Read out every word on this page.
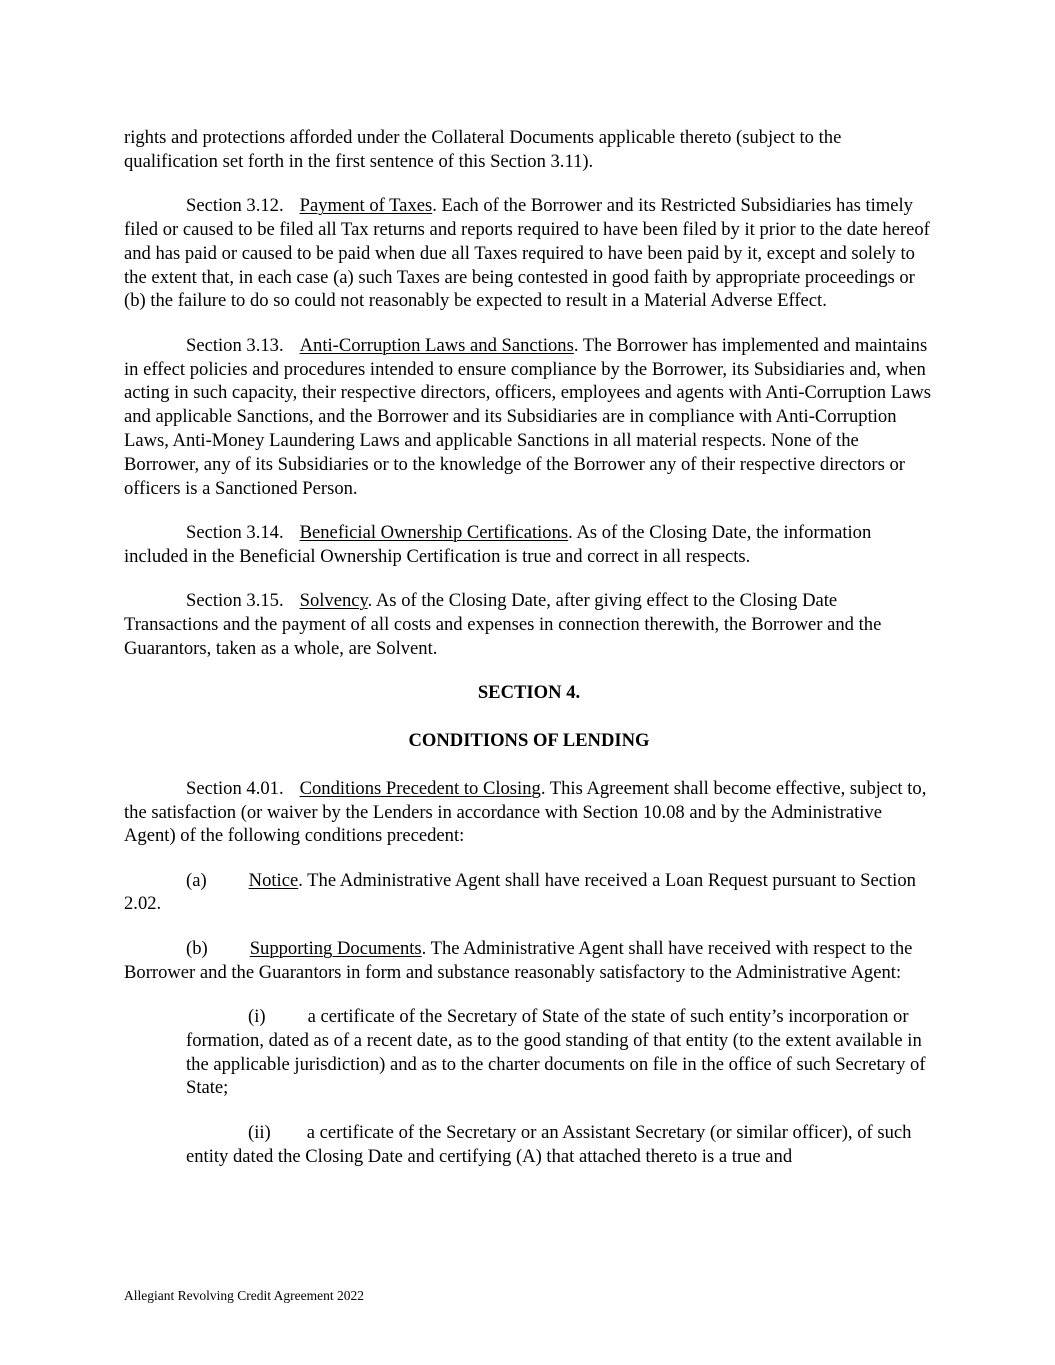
rights and protections afforded under the Collateral Documents applicable thereto (subject to the qualification set forth in the first sentence of this Section 3.11).

Section 3.12. Payment of Taxes. Each of the Borrower and its Restricted Subsidiaries has timely filed or caused to be filed all Tax returns and reports required to have been filed by it prior to the date hereof and has paid or caused to be paid when due all Taxes required to have been paid by it, except and solely to the extent that, in each case (a) such Taxes are being contested in good faith by appropriate proceedings or (b) the failure to do so could not reasonably be expected to result in a Material Adverse Effect.

Section 3.13. Anti-Corruption Laws and Sanctions. The Borrower has implemented and maintains in effect policies and procedures intended to ensure compliance by the Borrower, its Subsidiaries and, when acting in such capacity, their respective directors, officers, employees and agents with Anti-Corruption Laws and applicable Sanctions, and the Borrower and its Subsidiaries are in compliance with Anti-Corruption Laws, Anti-Money Laundering Laws and applicable Sanctions in all material respects. None of the Borrower, any of its Subsidiaries or to the knowledge of the Borrower any of their respective directors or officers is a Sanctioned Person.

Section 3.14. Beneficial Ownership Certifications. As of the Closing Date, the information included in the Beneficial Ownership Certification is true and correct in all respects.

Section 3.15. Solvency. As of the Closing Date, after giving effect to the Closing Date Transactions and the payment of all costs and expenses in connection therewith, the Borrower and the Guarantors, taken as a whole, are Solvent.

SECTION 4.

CONDITIONS OF LENDING

Section 4.01. Conditions Precedent to Closing. This Agreement shall become effective, subject to, the satisfaction (or waiver by the Lenders in accordance with Section 10.08 and by the Administrative Agent) of the following conditions precedent:

(a) Notice. The Administrative Agent shall have received a Loan Request pursuant to Section 2.02.

(b) Supporting Documents. The Administrative Agent shall have received with respect to the Borrower and the Guarantors in form and substance reasonably satisfactory to the Administrative Agent:

(i) a certificate of the Secretary of State of the state of such entity’s incorporation or formation, dated as of a recent date, as to the good standing of that entity (to the extent available in the applicable jurisdiction) and as to the charter documents on file in the office of such Secretary of State;

(ii) a certificate of the Secretary or an Assistant Secretary (or similar officer), of such entity dated the Closing Date and certifying (A) that attached thereto is a true and

Allegiant Revolving Credit Agreement 2022
